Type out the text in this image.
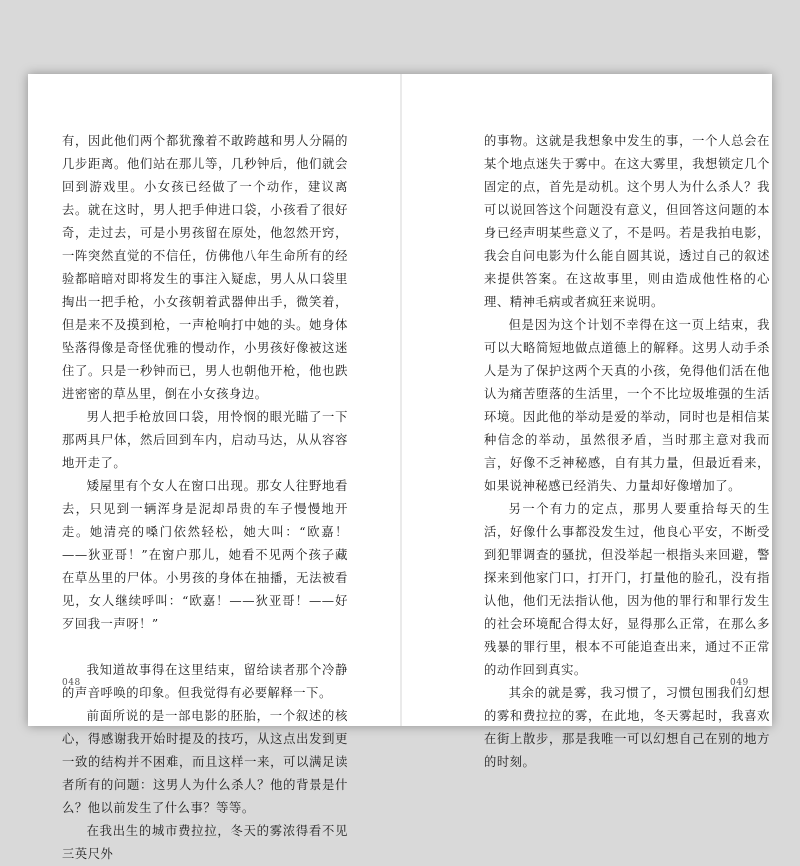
有，因此他们两个都犹豫着不敢跨越和男人分隔的几步距离。他们站在那儿等，几秒钟后，他们就会回到游戏里。小女孩已经做了一个动作，建议离去。就在这时，男人把手伸进口袋，小孩看了很好奇，走过去，可是小男孩留在原处，他忽然开窍，一阵突然直觉的不信任，仿佛他八年生命所有的经验都暗暗对即将发生的事注入疑虑，男人从口袋里掏出一把手枪，小女孩朝着武器伸出手，微笑着，但是来不及摸到枪，一声枪响打中她的头。她身体坠落得像是奇怪优雅的慢动作，小男孩好像被这迷住了。只是一秒钟而已，男人也朝他开枪，他也跌进密密的草丛里，倒在小女孩身边。

男人把手枪放回口袋，用怜悯的眼光瞄了一下那两具尸体，然后回到车内，启动马达，从从容容地开走了。

矮屋里有个女人在窗口出现。那女人往野地看去，只见到一辆浑身是泥却昂贵的车子慢慢地开走。她清亮的嗓门依然轻松，她大叫：“欧嘉！——狄亚哥！”在窗户那儿，她看不见两个孩子藏在草丛里的尸体。小男孩的身体在抽播，无法被看见，女人继续呼叫：“欧嘉！——狄亚哥！——好歹回我一声呀！”

我知道故事得在这里结束，留给读者那个冷静的声音呼唤的印象。但我觉得有必要解释一下。

前面所说的是一部电影的胚胎，一个叙述的核心，得感谢我开始时提及的技巧，从这点出发到更一致的结构并不困难，而且这样一来，可以满足读者所有的问题：这男人为什么杀人？他的背景是什么？他以前发生了什么事？等等。

在我出生的城市费拉拉，冬天的雾浓得看不见三英尺外

048

的事物。这就是我想象中发生的事，一个人总会在某个地点迷失于雾中。在这大雾里，我想锁定几个固定的点，首先是动机。这个男人为什么杀人？我可以说回答这个问题没有意义，但回答这问题的本身已经声明某些意义了，不是吗。若是我拍电影，我会自问电影为什么能自圆其说，透过自己的叙述来提供答案。在这故事里，则由造成他性格的心理、精神毛病或者疯狂来说明。

但是因为这个计划不幸得在这一页上结束，我可以大略简短地做点道德上的解释。这男人动手杀人是为了保护这两个天真的小孩，免得他们活在他认为痛苦堕落的生活里，一个不比垃圾堆强的生活环境。因此他的举动是爱的举动，同时也是相信某种信念的举动，虽然很矛盾，当时那主意对我而言，好像不乏神秘感，自有其力量，但最近看来，如果说神秘感已经消失、力量却好像增加了。

另一个有力的定点，那男人要重拾每天的生活，好像什么事都没发生过，他良心平安，不断受到犯罪调查的骚扰，但没举起一根指头来回避，警探来到他家门口，打开门，打量他的脸孔，没有指认他，他们无法指认他，因为他的罪行和罪行发生的社会环境配合得太好，显得那么正常，在那么多残暴的罪行里，根本不可能追查出来，通过不正常的动作回到真实。

其余的就是雾，我习惯了，习惯包围我们幻想的雾和费拉拉的雾，在此地，冬天雾起时，我喜欢在街上散步，那是我唯一可以幻想自己在别的地方的时刻。

049
